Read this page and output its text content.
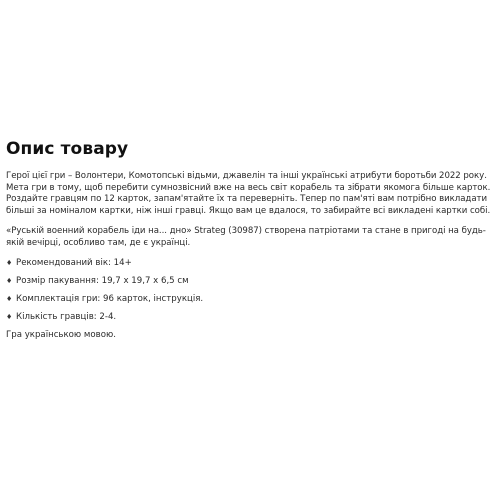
Опис товару

Герої цієї гри – Волонтери, Комотопські відьми, джавелін та інші українські атрибути боротьби 2022 року. Мета гри в тому, щоб перебити сумнозвісний вже на весь світ корабель та зібрати якомога більше карток. Роздайте гравцям по 12 карток, запам'ятайте їх та переверніть. Тепер по пам'яті вам потрібно викладати більші за номіналом картки, ніж інші гравці. Якщо вам це вдалося, то забирайте всі викладені картки собі.

«Руській военний корабель іди на... дно» Strateg (30987) створена патріотами та стане в пригоді на будь-якій вечірці, особливо там, де є українці.

♦ Рекомендований вік: 14+
♦ Розмір пакування: 19,7 х 19,7 х 6,5 см
♦ Комплектація гри: 96 карток, інструкція.
♦ Кількість гравців: 2-4.

Гра українською мовою.
